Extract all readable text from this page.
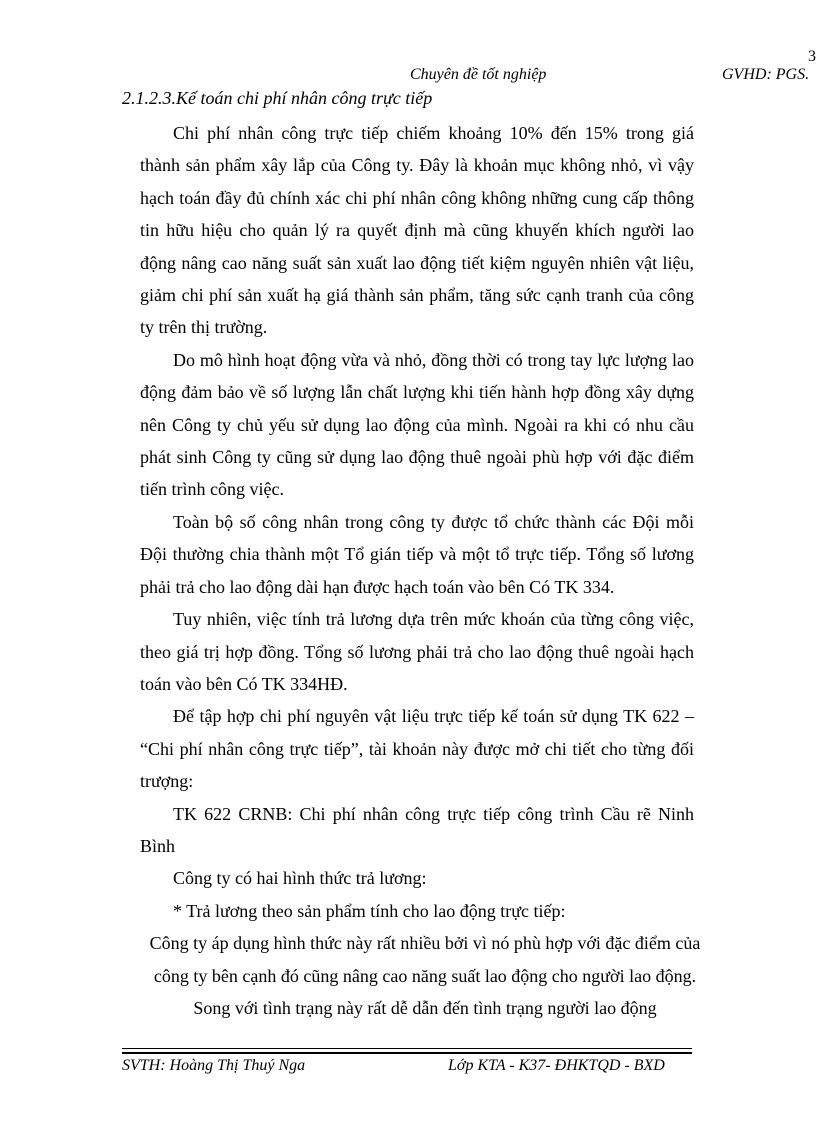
3
Chuyên đề tốt nghiệp	GVHD: PGS.
2.1.2.3.Kế toán chi phí nhân công trực tiếp

Chi phí nhân công trực tiếp chiếm khoảng 10% đến 15% trong giá thành sản phẩm xây lắp của Công ty. Đây là khoản mục không nhỏ, vì vậy hạch toán đầy đủ chính xác chi phí nhân công không những cung cấp thông tin hữu hiệu cho quản lý ra quyết định mà cũng khuyến khích người lao động nâng cao năng suất sản xuất lao động tiết kiệm nguyên nhiên vật liệu, giảm chi phí sản xuất hạ giá thành sản phẩm, tăng sức cạnh tranh của công ty trên thị trường.

Do mô hình hoạt động vừa và nhỏ, đồng thời có trong tay lực lượng lao động đảm bảo về số lượng lẫn chất lượng khi tiến hành hợp đồng xây dựng nên Công ty chủ yếu sử dụng lao động của mình. Ngoài ra khi có nhu cầu phát sinh Công ty cũng sử dụng lao động thuê ngoài phù hợp với đặc điểm tiến trình công việc.

Toàn bộ số công nhân trong công ty được tổ chức thành các Đội mỗi Đội thường chia thành một Tổ gián tiếp và một tổ trực tiếp. Tổng số lương phải trả cho lao động dài hạn được hạch toán vào bên Có TK 334.

Tuy nhiên, việc tính trả lương dựa trên mức khoán của từng công việc, theo giá trị hợp đồng. Tổng số lương phải trả cho lao động thuê ngoài hạch toán vào bên Có TK 334HĐ.

Để tập hợp chi phí nguyên vật liệu trực tiếp kế toán sử dụng TK 622 – “Chi phí nhân công trực tiếp”, tài khoản này được mở chi tiết cho từng đối trượng:

TK 622 CRNB: Chi phí nhân công trực tiếp công trình Cầu rẽ Ninh Bình

Công ty có hai hình thức trả lương:

* Trả lương theo sản phẩm tính cho lao động trực tiếp:

Công ty áp dụng hình thức này rất nhiều bởi vì nó phù hợp với đặc điểm của công ty bên cạnh đó cũng nâng cao năng suất lao động cho người lao động. Song với tình trạng này rất dễ dẫn đến tình trạng người lao động

SVTH: Hoàng Thị Thuý Nga	Lớp KTA - K37- ĐHKTQD - BXD
